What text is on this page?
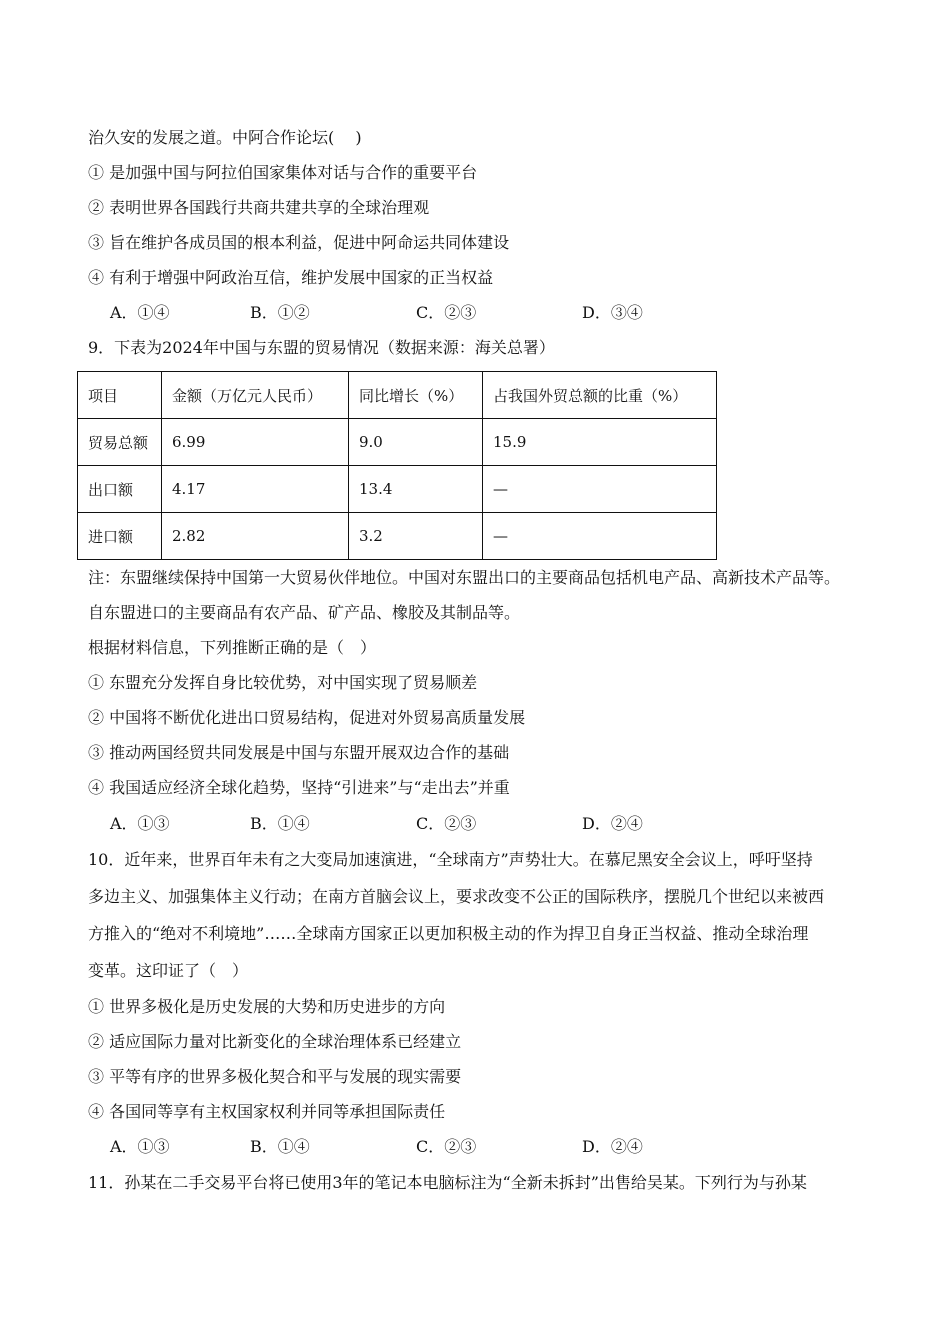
治久安的发展之道。中阿合作论坛(　 )
① 是加强中国与阿拉伯国家集体对话与合作的重要平台
② 表明世界各国践行共商共建共享的全球治理观
③ 旨在维护各成员国的根本利益，促进中阿命运共同体建设
④ 有利于增强中阿政治互信，维护发展中国家的正当权益
A．①④	B．①②	C．②③	D．③④
9．下表为2024年中国与东盟的贸易情况（数据来源：海关总署）
项目	金额（万亿元人民币）	同比增长（%）	占我国外贸总额的比重（%）
贸易总额	6.99	9.0	15.9
出口额	4.17	13.4	—
进口额	2.82	3.2	—
注：东盟继续保持中国第一大贸易伙伴地位。中国对东盟出口的主要商品包括机电产品、高新技术产品等。
自东盟进口的主要商品有农产品、矿产品、橡胶及其制品等。
根据材料信息，下列推断正确的是（　）
① 东盟充分发挥自身比较优势，对中国实现了贸易顺差
② 中国将不断优化进出口贸易结构，促进对外贸易高质量发展
③ 推动两国经贸共同发展是中国与东盟开展双边合作的基础
④ 我国适应经济全球化趋势，坚持“引进来”与“走出去”并重
A．①③	B．①④	C．②③	D．②④
10．近年来，世界百年未有之大变局加速演进，“全球南方”声势壮大。在慕尼黑安全会议上，呼吁坚持
多边主义、加强集体主义行动；在南方首脑会议上，要求改变不公正的国际秩序，摆脱几个世纪以来被西
方推入的“绝对不利境地”……全球南方国家正以更加积极主动的作为捍卫自身正当权益、推动全球治理
变革。这印证了（　）
① 世界多极化是历史发展的大势和历史进步的方向
② 适应国际力量对比新变化的全球治理体系已经建立
③ 平等有序的世界多极化契合和平与发展的现实需要
④ 各国同等享有主权国家权利并同等承担国际责任
A．①③	B．①④	C．②③	D．②④
11．孙某在二手交易平台将已使用3年的笔记本电脑标注为“全新未拆封”出售给吴某。下列行为与孙某
